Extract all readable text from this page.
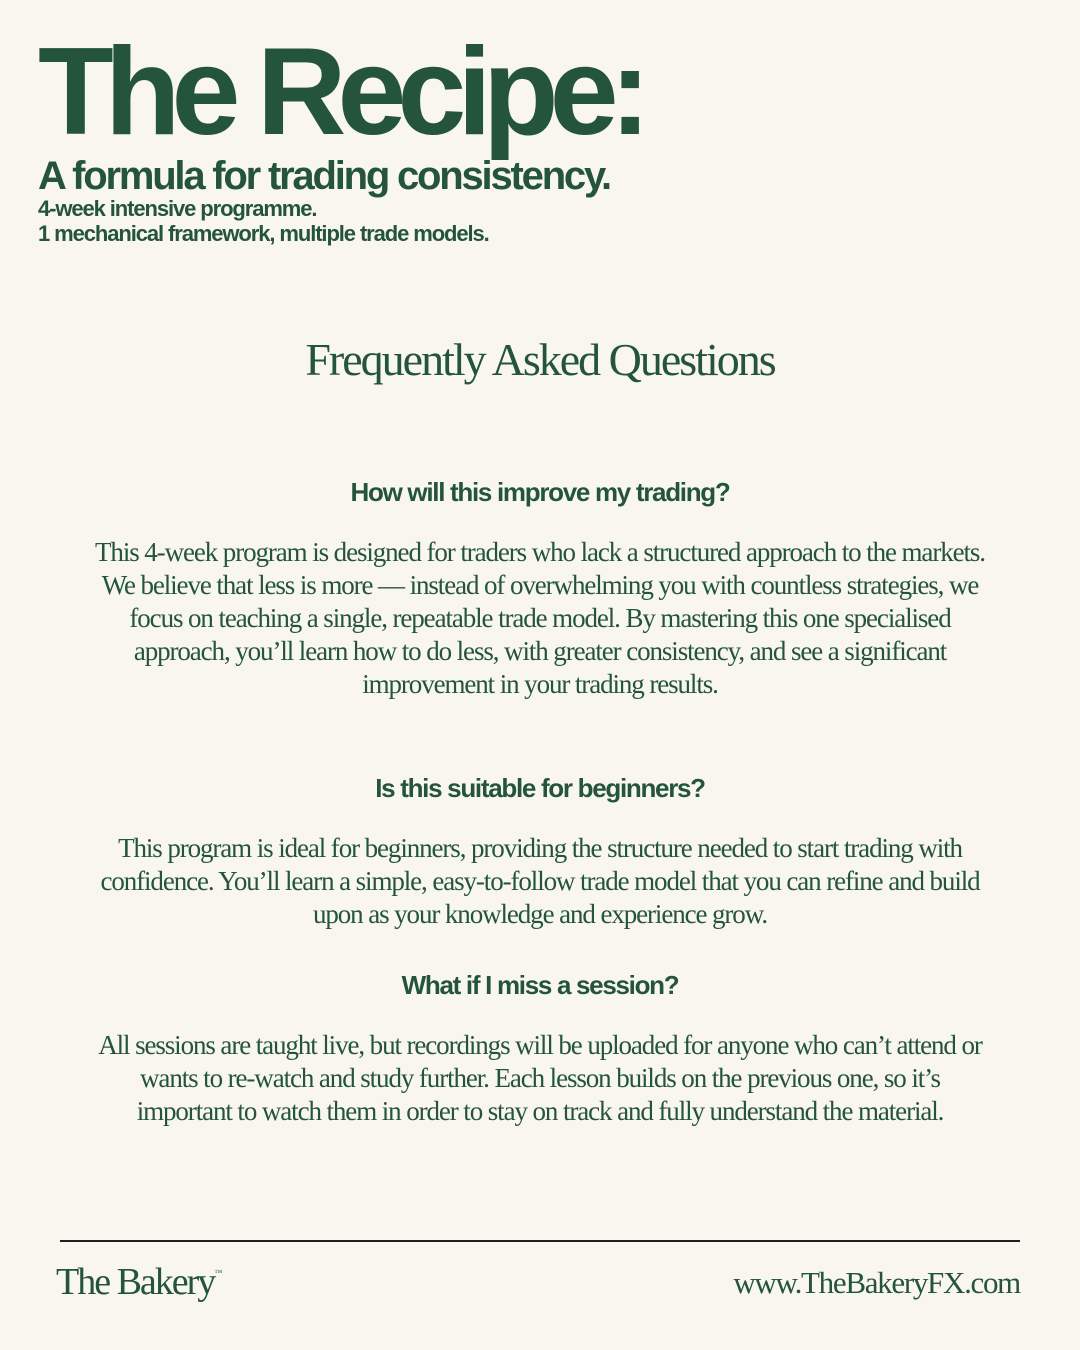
The Recipe:
A formula for trading consistency.

4-week intensive programme.

1 mechanical framework, multiple trade models.

Frequently Asked Questions
How will this improve my trading?

This 4-week program is designed for traders who lack a structured approach to the markets. We believe that less is more — instead of overwhelming you with countless strategies, we focus on teaching a single, repeatable trade model. By mastering this one specialised approach, you’ll learn how to do less, with greater consistency, and see a significant improvement in your trading results.

Is this suitable for beginners?

This program is ideal for beginners, providing the structure needed to start trading with confidence. You’ll learn a simple, easy-to-follow trade model that you can refine and build upon as your knowledge and experience grow.

What if I miss a session?

All sessions are taught live, but recordings will be uploaded for anyone who can’t attend or wants to re-watch and study further. Each lesson builds on the previous one, so it’s important to watch them in order to stay on track and fully understand the material.

The Bakery™	www.TheBakeryFX.com
